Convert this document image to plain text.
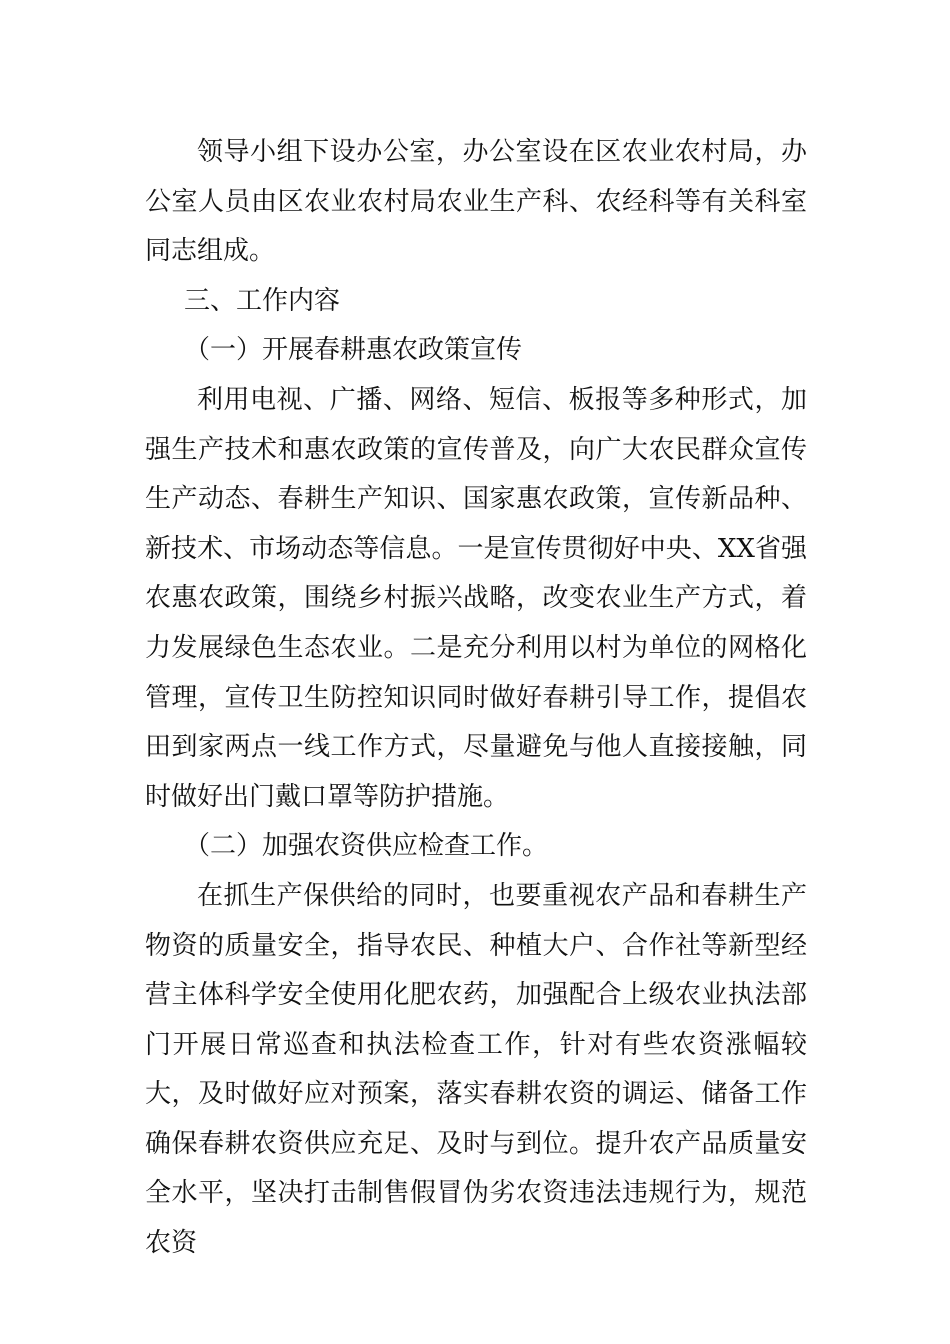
领导小组下设办公室，办公室设在区农业农村局，办公室人员由区农业农村局农业生产科、农经科等有关科室同志组成。

三、工作内容

（一）开展春耕惠农政策宣传

利用电视、广播、网络、短信、板报等多种形式，加强生产技术和惠农政策的宣传普及，向广大农民群众宣传生产动态、春耕生产知识、国家惠农政策，宣传新品种、新技术、市场动态等信息。一是宣传贯彻好中央、XX省强农惠农政策，围绕乡村振兴战略，改变农业生产方式，着力发展绿色生态农业。二是充分利用以村为单位的网格化管理，宣传卫生防控知识同时做好春耕引导工作，提倡农田到家两点一线工作方式，尽量避免与他人直接接触，同时做好出门戴口罩等防护措施。

（二）加强农资供应检查工作。

在抓生产保供给的同时，也要重视农产品和春耕生产物资的质量安全，指导农民、种植大户、合作社等新型经营主体科学安全使用化肥农药，加强配合上级农业执法部门开展日常巡查和执法检查工作，针对有些农资涨幅较大，及时做好应对预案，落实春耕农资的调运、储备工作确保春耕农资供应充足、及时与到位。提升农产品质量安全水平，坚决打击制售假冒伪劣农资违法违规行为，规范农资
